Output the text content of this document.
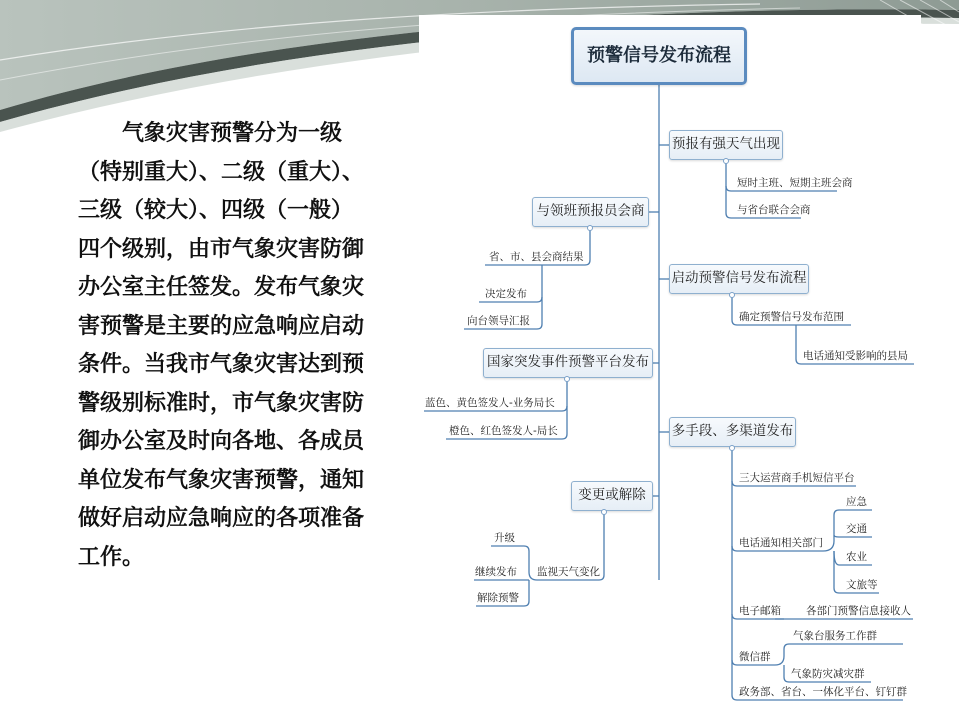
　　气象灾害预警分为一级
（特别重大）、二级（重大）、
三级（较大）、四级（一般）
四个级别，由市气象灾害防御
办公室主任签发。发布气象灾
害预警是主要的应急响应启动
条件。当我市气象灾害达到预
警级别标准时，市气象灾害防
御办公室及时向各地、各成员
单位发布气象灾害预警，通知
做好启动应急响应的各项准备
工作。
预警信号发布流程
预报有强天气出现
与领班预报员会商
启动预警信号发布流程
国家突发事件预警平台发布
多手段、多渠道发布
变更或解除
短时主班、短期主班会商
与省台联合会商
省、市、县会商结果
决定发布
向台领导汇报	确定预警信号发布范围
电话通知受影响的县局
蓝色、黄色签发人-业务局长
橙色、红色签发人-局长
三大运营商手机短信平台
电话通知相关部门
应急
交通
农业
文旅等
电子邮箱 各部门预警信息接收人
微信群
气象台服务工作群
气象防灾减灾群
政务部、省台、一体化平台、钉钉群
监视天气变化
升级
继续发布
解除预警
